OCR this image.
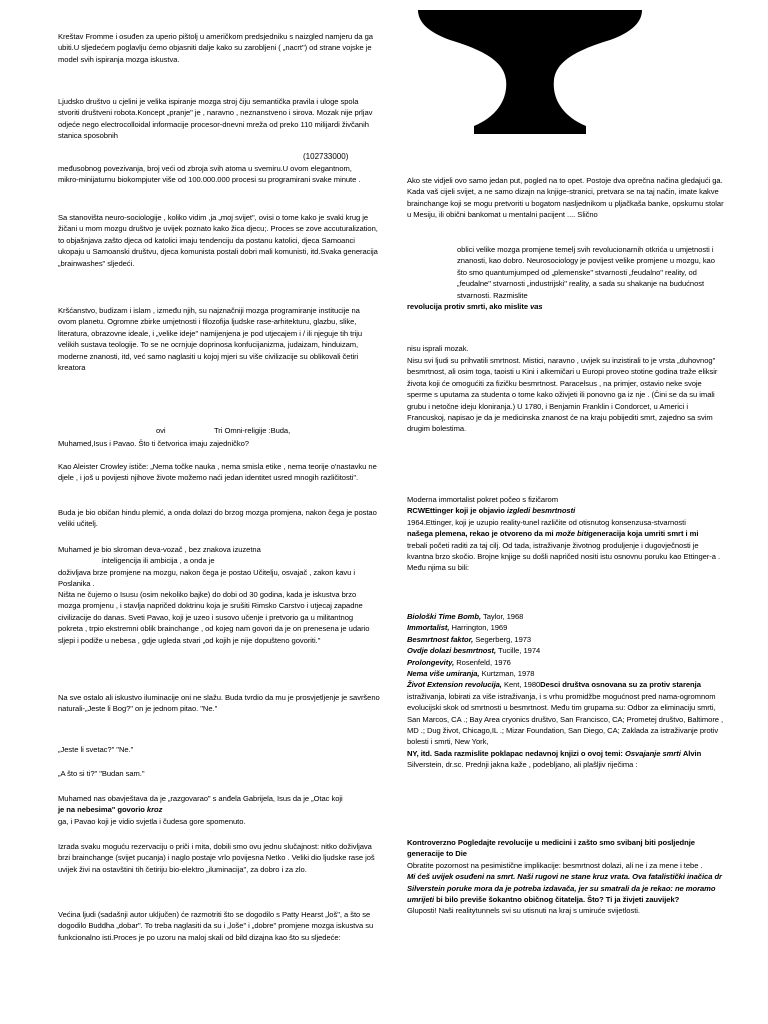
Kreštav Fromme i osuđen za uperio pištolj u američkom predsjedniku s naizgled namjeru da ga ubiti.U sljedećem poglavlju ćemo objasniti dalje kako su zarobljeni ( „nacrt") od strane vojske je model svih ispiranja mozga iskustva.

Ljudsko društvo u cjelini je velika ispiranje mozga stroj čiju semantička pravila i uloge spola stvoriti društveni robota.Koncept „pranje" je , naravno , neznanstveno i sirova. Mozak nije prljav odjeće nego electrocolloidal informacije procesor-dnevni mreža od preko 110 milijardi živčanih stanica sposobnih

(102733000)

međusobnog povezivanja, broj veći od zbroja svih atoma u svemiru.U ovom elegantnom, mikro-minijaturnu biokompjuter više od 100.000.000 procesi su programirani svake minute .

Sa stanovišta neuro-sociologije , koliko vidim ,ja „moj svijet", ovisi o tome kako je svaki krug je žičani u mom mozgu društvo je uvijek poznato kako žica djecu;. Proces se zove accuturalization, to objašnjava zašto djeca od katolici imaju tendenciju da postanu katolici, djeca Samoanci ukopaju u Samoanski društvu, djeca komunista postali dobri mali komunisti, itd.Svaka generacija „brainwashes" sljedeći.

Kršćanstvo, budizam i islam , između njih, su najznačniji mozga programiranje institucije na ovom planetu. Ogromne zbirke umjetnosti i filozofija ljudske rase-arhitekturu, glazbu, slike, literatura, obrazovne ideale, i „velike ideje" namijenjena je pod utjecajem i / ili njeguje tih triju velikih sustava teologije. To se ne ocrnjuje doprinosa konfucijanizma, judaizam, hinduizam, moderne znanosti, itd, već samo naglasiti u kojoj mjeri su više civilizacije su oblikovali četiri kreatora

ovi	Tri Omni-religije :Buda,

Muhamed,Isus i Pavao. Što ti četvorica imaju zajedničko?

Kao Aleister Crowley ističe: „Nema točke nauka , nema smisla etike , nema teorije o'nastavku ne djele , i još u povijesti njihove živote možemo naći jedan identitet usred mnogih različitosti".

Buda je bio običan hindu plemić, a onda dolazi do brzog mozga promjena, nakon čega je postao veliki učitelj.

Muhamed je bio skroman deva-vozač , bez znakova izuzetna

inteligencija ili ambicija , a onda je

doživljava brze promjene na mozgu, nakon čega je postao Učitelju, osvajač , zakon kavu i Poslanika .

Ništa ne čujemo o Isusu (osim nekoliko bajke) do dobi od 30 godina, kada je iskustva brzo mozga promjenu , i stavlja napričed doktrinu koja je srušiti Rimsko Carstvo i utjecaj zapadne civilizacije do danas. Sveti Pavao, koji je uzeo i susovo učenje i pretvorio ga u militantnog pokreta , trpio ekstremni oblik brainchange , od kojeg nam govori da je on prenesena je udario sljepi i podiže u nebesa , gdje ugleda stvari „od kojih je nije dopušteno govoriti."

Na sve ostalo ali iskustvo iluminacije oni ne slažu. Buda tvrdio da mu je prosvjetljenje je savršeno naturali-„Jeste li Bog?" on je jednom pitao. "Ne."

„Jeste li svetac?" "Ne."

„A što si ti?" "Budan sam."

Muhamed nas obavještava da je „razgovarao" s anđela Gabrijela, Isus da je „Otac koji

je na nebesima" govorio kroz

ga, i Pavao koji je vidio svjetla i čudesa gore spomenuto.

Izrada svaku moguću rezervaciju o priči i mita, dobili smo ovu jednu slučajnost: nitko doživljava brzi brainchange (svijet pucanja) i naglo postaje vrlo povijesna Netko . Veliki dio ljudske rase još uvijek živi na ostavštini tih četiriju bio-elektro „iluminacija", za dobro i za zlo.

Većina ljudi (sadašnji autor uključen) će razmotriti što se dogodilo s Patty Hearst „loš", a što se dogodilo Buddha „dobar". To treba naglasiti da su i „loše" i „dobre" promjene mozga iskustva su funkcionalno isti.Proces je po uzoru na maloj skali od bild dizajna kao što su sljedeće:

Ako ste vidjeli ovo samo jedan put, pogled na to opet. Postoje dva oprečna načina gledajući ga. Kada vaš cijeli svijet, a ne samo dizajn na knjige-stranici, pretvara se na taj način, imate kakve brainchange koji se mogu pretvoriti u bogatom nasljednikom u pljačkaša banke, opskurnu stolar u Mesiju, ili obični bankomat u mentalni pacijent .... Slično

oblici velike mozga promjene temelj svih revolucionarnih otkrića u umjetnosti i znanosti, kao dobro. Neurosociology je povijest velike promjene u mozgu, kao što smo quantumjumped od „plemenske" stvarnosti „feudalno" reality, od „feudalne" stvarnosti „industrijski" reality, a sada su shakanje na budućnost stvarnosti. Razmislite

revolucija protiv smrti, ako mislite vas

nisu isprali mozak.

Nisu svi ljudi su prihvatili smrtnost. Mistici, naravno , uvijek su inzistirali to je vrsta „duhovnog" besmrtnost, ali osim toga, taoisti u Kini i alkemičari u Europi proveo stotine godina traže eliksir života koji će omogućiti za fizičku besmrtnost. Paracelsus , na primjer, ostavio neke svoje sperme s uputama za studenta o tome kako oživjeti ili ponovno ga iz nje . (Čini se da su imali grubu i netočne ideju kloniranja.) U 1780, i Benjamin Franklin i Condorcet, u Americi i Francuskoj, napisao je da je medicinska znanost će na kraju pobijediti smrt, zajedno sa svim drugim bolestima.

Moderna immortalist pokret počeo s fizičarom

RCWEttinger koji je objavio izgledi besmrtnosti

1964.Ettinger, koji je uzupio reality-tunel različite od otisnutog konsenzusa-stvarnosti

našega plemena, rekao je otvoreno da mi može bitigeneracija koja umriti smrt i mi

trebali početi raditi za taj cilj. Od tada, istraživanje životnog produljenje i dugovječnosti je kvantna brzo skočio. Brojne knjige su došli napričed nositi istu osnovnu poruku kao Ettinger-a . Među njima su bili:

Biološki Time Bomb, Taylor, 1968

Immortalist, Harrington, 1969

Besmrtnost faktor, Segerberg, 1973

Ovdje dolazi besmrtnost, Tucille, 1974

Prolongevity, Rosenfeld, 1976

Nema više umiranja, Kurtzman, 1978

Život Extension revolucija, Kent, 1980Desci društva osnovana su za protiv starenja

istraživanja, lobirati za više istraživanja, i s vrhu promidžbe mogućnost pred nama-ogromnom evolucijski skok od smrtnosti u besmrtnost. Među tim grupama su: Odbor za eliminaciju smrti, San Marcos, CA .; Bay Area cryonics društvo, San Francisco, CA; Prometej društvo, Baltimore , MD .; Dug život, Chicago,IL .; Mizar Foundation, San Diego, CA; Zaklada za istraživanje protiv bolesti i smrti, New York,

NY, itd. Sada razmislite poklapac nedavnoj knjizi o ovoj temi: Osvajanje smrti Alvin

Silverstein, dr.sc. Prednji jakna kaže , podebljano, ali plašljiv riječima :

Kontroverzno Pogledajte revolucije u medicini i zašto smo svibanj biti posljednje generacije to Die

Obratite pozornost na pesimistične implikacije: besmrtnost dolazi, ali ne i za mene i tebe .

Mi ćeš uvijek osuđeni na smrt. Naši rugovi ne stane kruz vrata. Ova fatalistički inačica dr Silverstein poruke mora da je potreba izdavača, jer su smatrali da je rekao: ne moramo umrijeti bi bilo previše šokantno običnog čitatelja. Što? Ti ja živjeti zauvijek?

Gluposti! Naši realitytunnels svi su utisnuti na kraj s umiruće svijetlosti.
